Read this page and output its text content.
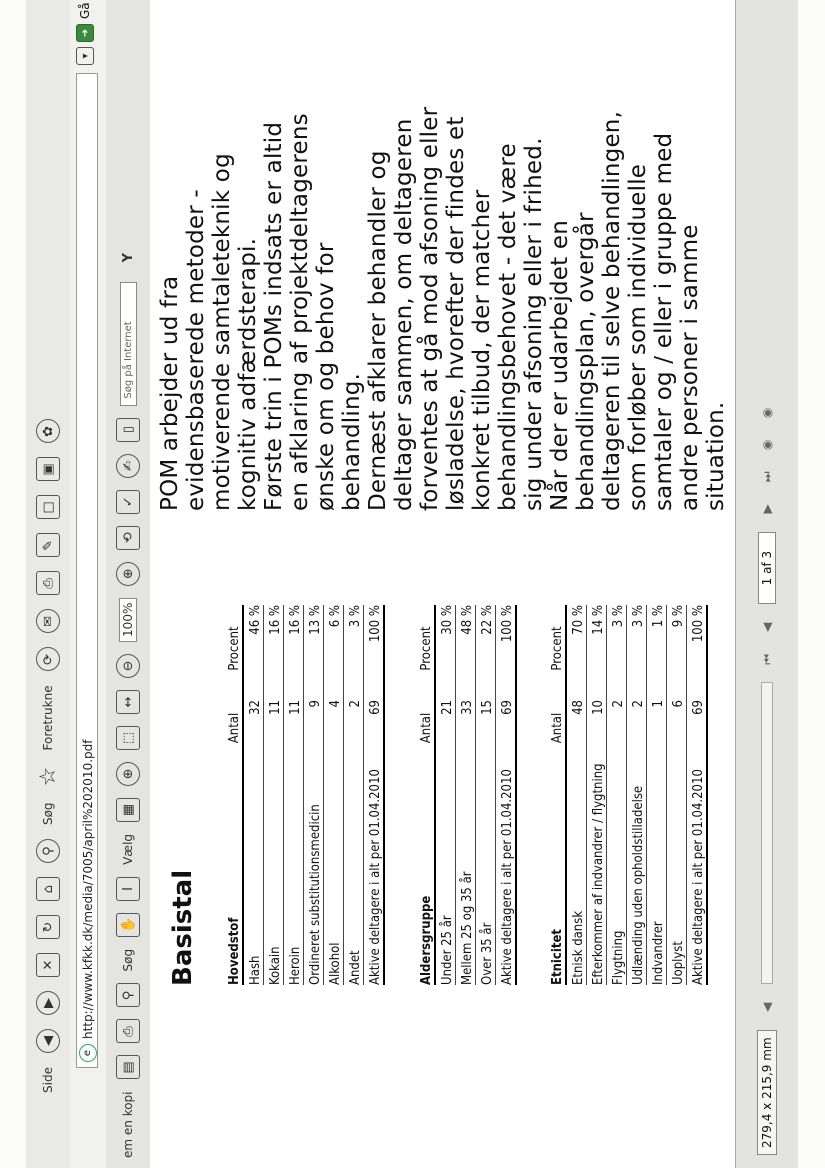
Side
◀
▶
✕
↻
⌂
⚲
Søg
☆
Foretrukne
⟳
✉
⎙
✎
□
▣
✿
e
http://www.kfkk.dk/media/7005/april%202010.pdf
▾
➜
Gå
em en kopi
▤
⎙
⚲
Søg
✋
I
Vælg
▦
⊕
⬚
↔
⊖
100%
⊕
⟲
✓
✍
▯
Søg på Internet
Y
Basistal Hovedstof
Antal
Procent
Hash
32
46 %
Kokain
11
16 %
Heroin
11
16 %
Ordineret substitutionsmedicin
9
13 %
Alkohol
4
6 %
Andet
2
3 %
Aktive deltagere i alt per 01.04.2010
69
100 %
Aldersgruppe
Antal
Procent
Under 25 år
21
30 %
Mellem 25 og 35 år
33
48 %
Over 35 år
15
22 %
Aktive deltagere i alt per 01.04.2010
69
100 %
Etnicitet
Antal
Procent
Etnisk dansk
48
70 %
Efterkommer af indvandrer / flygtning
10
14 %
Flygtning
2
3 %
Udlænding uden opholdstilladelse
2
3 %
Indvandrer
1
1 %
Uoplyst
6
9 %
Aktive deltagere i alt per 01.04.2010
69
100 %
POM arbejder ud fra evidensbaserede metoder - motiverende samtaleteknik og kognitiv adfærdsterapi. Første trin i POMs indsats er altid en afklaring af projektdeltagerens ønske om og behov for behandling. Dernæst afklarer behandler og deltager sammen, om deltageren forventes at gå mod afsoning eller løsladelse, hvorefter der findes et konkret tilbud, der matcher behandlingsbehovet - det være sig under afsoning eller i frihed. Når der er udarbejdet en behandlingsplan, overgår deltageren til selve behandlingen, som forløber som individuelle samtaler og / eller i gruppe med andre personer i samme situation.
279,4 x 215,9 mm
◀
⏮
◀
1 af 3
▶
⏭
◉
◉
